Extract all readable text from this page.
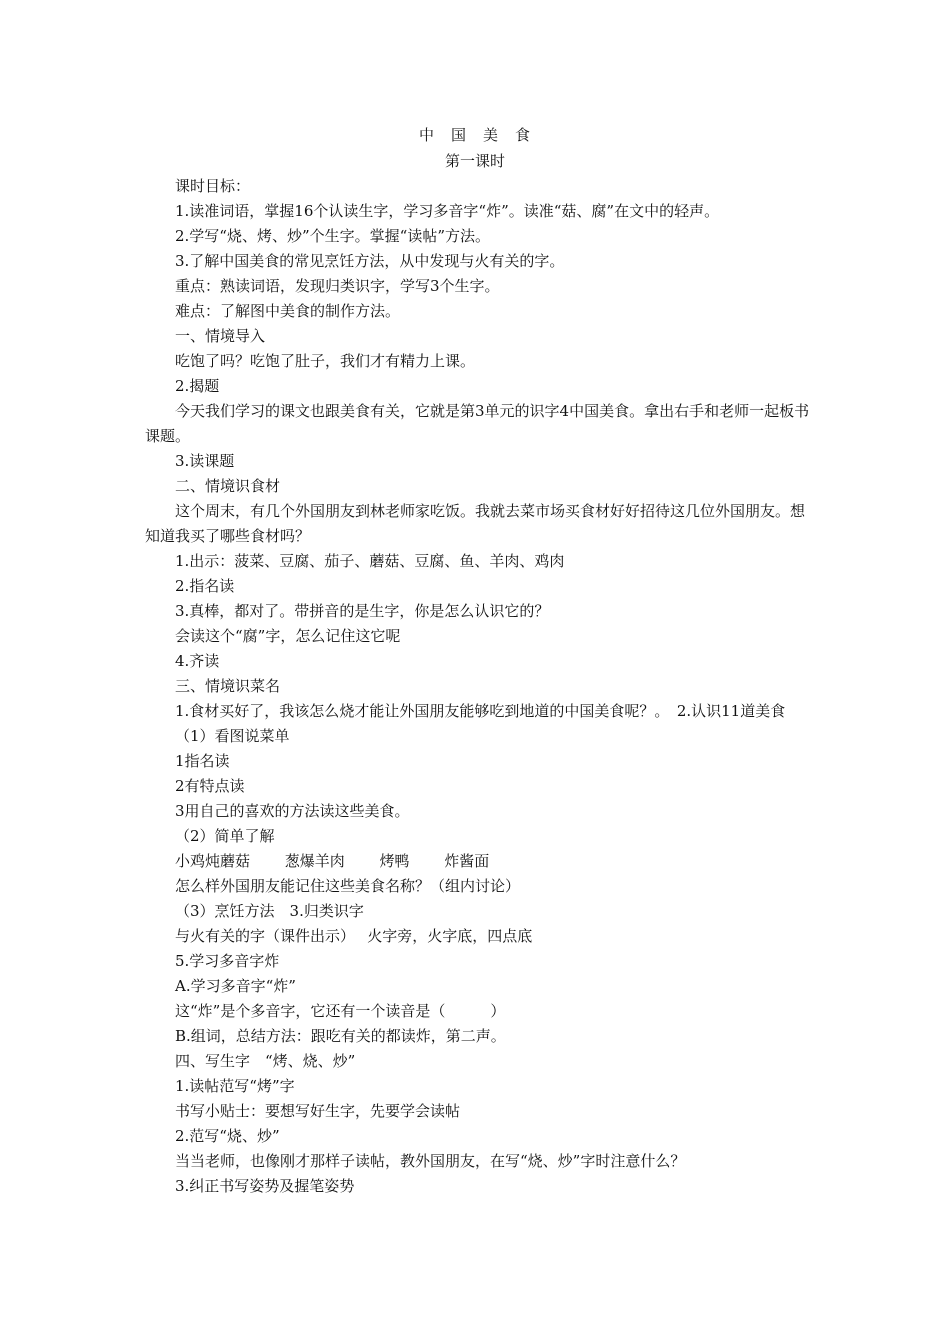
中　国　美　食
第一课时

课时目标：

1.读准词语，掌握16个认读生字，学习多音字“炸”。读准“菇、腐”在文中的轻声。

2.学写“烧、烤、炒”个生字。掌握“读帖”方法。

3.了解中国美食的常见烹饪方法，从中发现与火有关的字。

重点：熟读词语，发现归类识字，学写3个生字。

难点：了解图中美食的制作方法。

一、情境导入

吃饱了吗？吃饱了肚子，我们才有精力上课。

2.揭题

今天我们学习的课文也跟美食有关，它就是第3单元的识字4中国美食。拿出右手和老师一起板书课题。

3.读课题

二、情境识食材

这个周末，有几个外国朋友到林老师家吃饭。我就去菜市场买食材好好招待这几位外国朋友。想知道我买了哪些食材吗？

1.出示：菠菜、豆腐、茄子、蘑菇、豆腐、鱼、羊肉、鸡肉

2.指名读

3.真棒，都对了。带拼音的是生字，你是怎么认识它的？

会读这个“腐”字，怎么记住这它呢

4.齐读

三、情境识菜名

1.食材买好了，我该怎么烧才能让外国朋友能够吃到地道的中国美食呢？。　2.认识11道美食

（1）看图说菜单

1指名读

2有特点读

3用自己的喜欢的方法读这些美食。

（2）简单了解

小鸡炖蘑菇　　 葱爆羊肉　　 烤鸭　　 炸酱面

怎么样外国朋友能记住这些美食名称？（组内讨论）

（3）烹饪方法　3.归类识字

与火有关的字（课件出示）　 火字旁，火字底，四点底

5.学习多音字炸

A.学习多音字“炸”

这“炸”是个多音字，它还有一个读音是（　　　）

B.组词，总结方法：跟吃有关的都读炸，第二声。

四、写生字　“烤、烧、炒”

1.读帖范写“烤”字

书写小贴士：要想写好生字，先要学会读帖

2.范写“烧、炒”

当当老师，也像刚才那样子读帖，教外国朋友，在写“烧、炒”字时注意什么？

3.纠正书写姿势及握笔姿势
